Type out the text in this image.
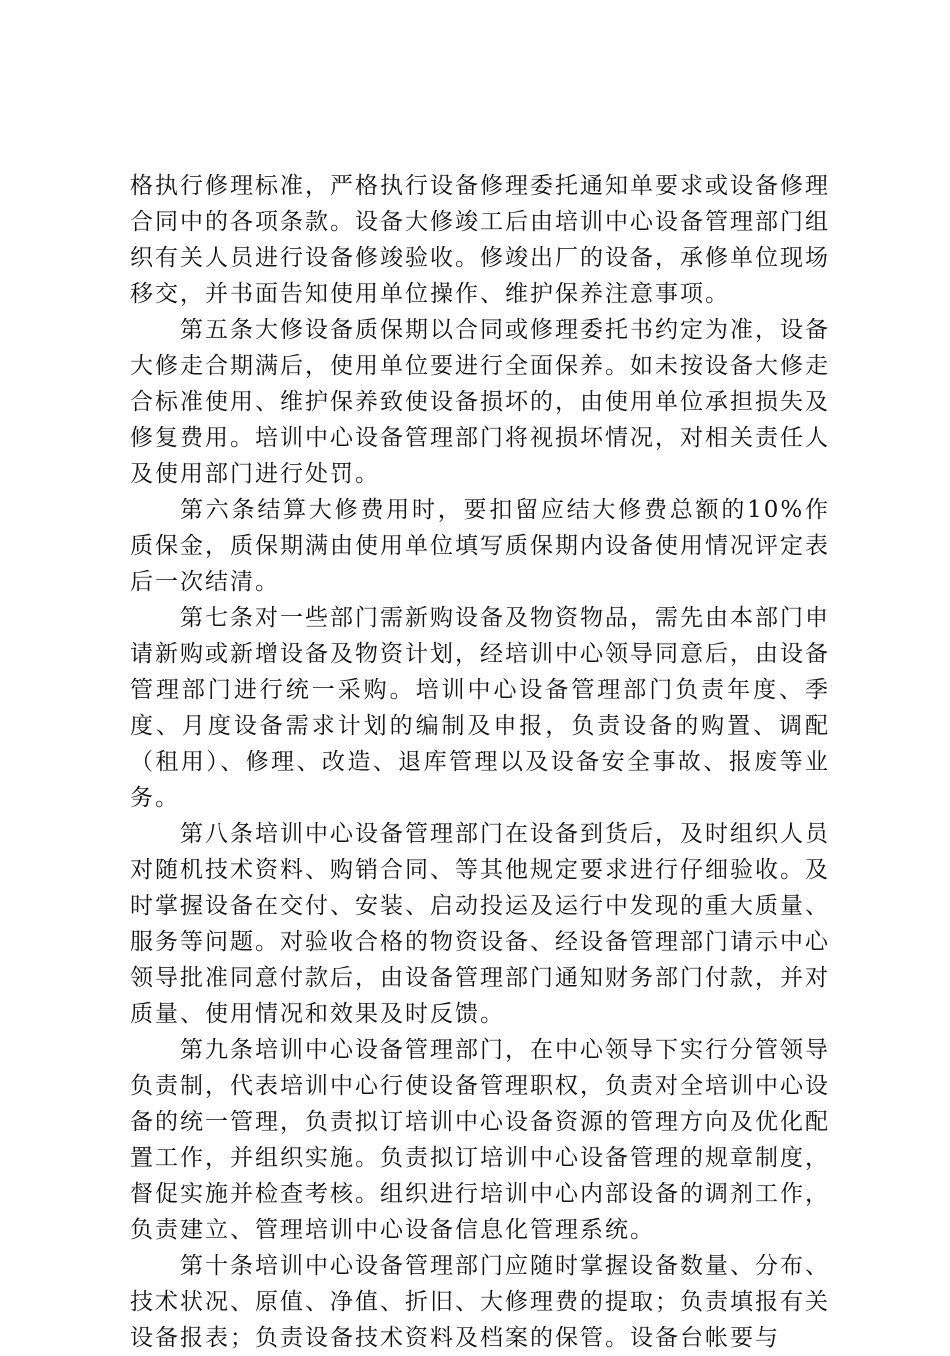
格执行修理标准，严格执行设备修理委托通知单要求或设备修理合同中的各项条款。设备大修竣工后由培训中心设备管理部门组织有关人员进行设备修竣验收。修竣出厂的设备，承修单位现场移交，并书面告知使用单位操作、维护保养注意事项。

第五条大修设备质保期以合同或修理委托书约定为准，设备大修走合期满后，使用单位要进行全面保养。如未按设备大修走合标准使用、维护保养致使设备损坏的，由使用单位承担损失及修复费用。培训中心设备管理部门将视损坏情况，对相关责任人及使用部门进行处罚。

第六条结算大修费用时，要扣留应结大修费总额的10%作质保金，质保期满由使用单位填写质保期内设备使用情况评定表后一次结清。

第七条对一些部门需新购设备及物资物品，需先由本部门申请新购或新增设备及物资计划，经培训中心领导同意后，由设备管理部门进行统一采购。培训中心设备管理部门负责年度、季度、月度设备需求计划的编制及申报，负责设备的购置、调配（租用）、修理、改造、退库管理以及设备安全事故、报废等业务。

第八条培训中心设备管理部门在设备到货后，及时组织人员对随机技术资料、购销合同、等其他规定要求进行仔细验收。及时掌握设备在交付、安装、启动投运及运行中发现的重大质量、服务等问题。对验收合格的物资设备、经设备管理部门请示中心领导批准同意付款后，由设备管理部门通知财务部门付款，并对质量、使用情况和效果及时反馈。

第九条培训中心设备管理部门，在中心领导下实行分管领导负责制，代表培训中心行使设备管理职权，负责对全培训中心设备的统一管理，负责拟订培训中心设备资源的管理方向及优化配置工作，并组织实施。负责拟订培训中心设备管理的规章制度，督促实施并检查考核。组织进行培训中心内部设备的调剂工作，负责建立、管理培训中心设备信息化管理系统。

第十条培训中心设备管理部门应随时掌握设备数量、分布、技术状况、原值、净值、折旧、大修理费的提取；负责填报有关设备报表；负责设备技术资料及档案的保管。设备台帐要与
